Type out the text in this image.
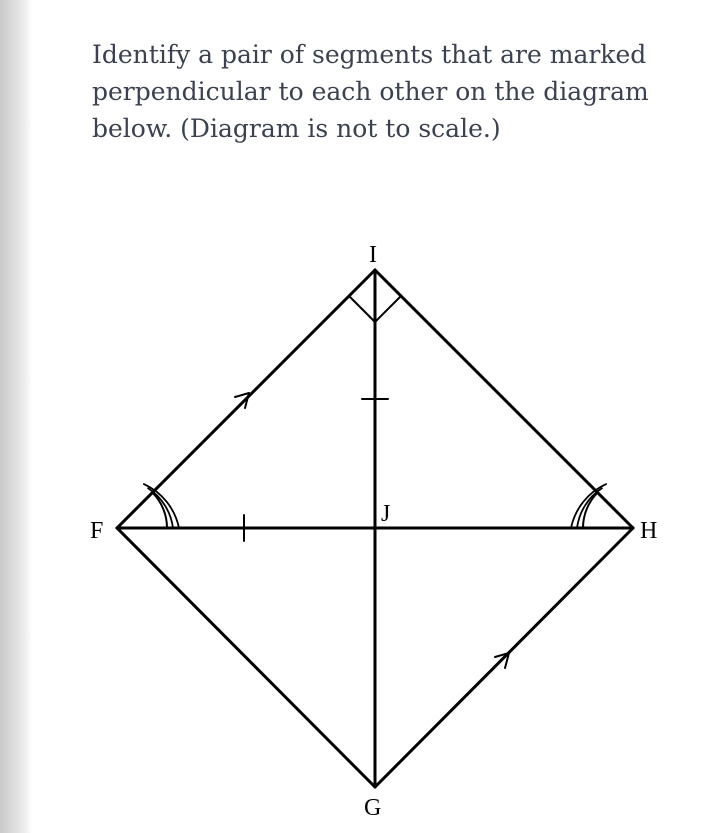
Identify a pair of segments that are marked perpendicular to each other on the diagram below. (Diagram is not to scale.)

I
F	H
G
J
